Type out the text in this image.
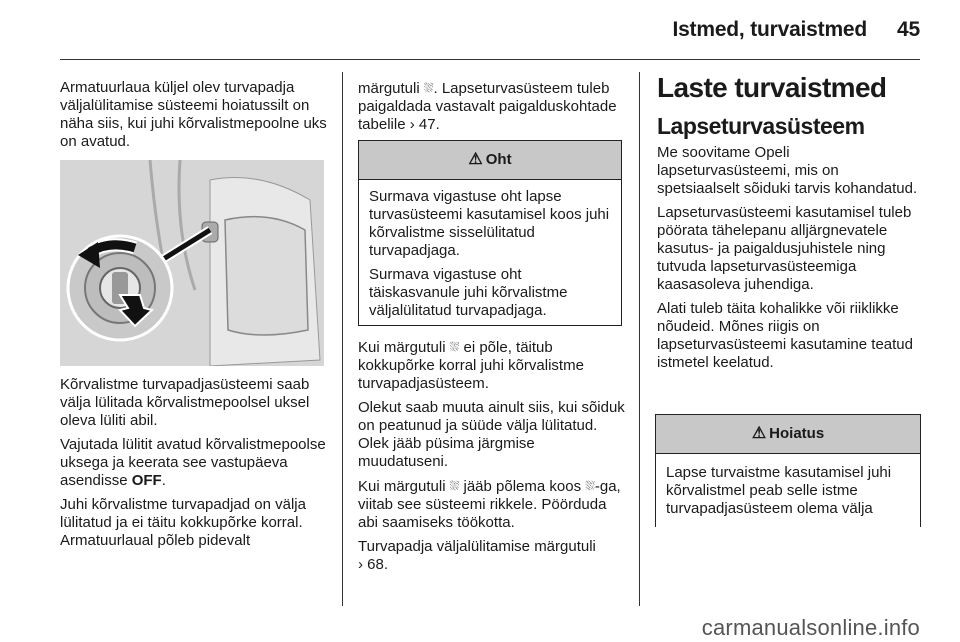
Istmed, turvaistmed 45

Armatuurlaua küljel olev turvapadja väljalülitamise süsteemi hoiatussilt on näha siis, kui juhi kõrvalistmepoolne uks on avatud.

Kõrvalistme turvapadjasüsteemi saab välja lülitada kõrvalistmepoolsel uksel oleva lüliti abil.

Vajutada lülitit avatud kõrvalistmepoolse uksega ja keerata see vastupäeva asendisse OFF.

Juhi kõrvalistme turvapadjad on välja lülitatud ja ei täitu kokkupõrke korral. Armatuurlaual põleb pidevalt

märgutuli ⛆. Lapseturvasüsteem tuleb paigaldada vastavalt paigalduskohtade tabelile › 47.

⚠ Oht

Surmava vigastuse oht lapse turvasüsteemi kasutamisel koos juhi kõrvalistme sisselülitatud turvapadjaga.

Surmava vigastuse oht täiskasvanule juhi kõrvalistme väljalülitatud turvapadjaga.

Kui märgutuli ⛆ ei põle, täitub kokkupõrke korral juhi kõrvalistme turvapadjasüsteem.

Olekut saab muuta ainult siis, kui sõiduk on peatunud ja süüde välja lülitatud. Olek jääb püsima järgmise muudatuseni.

Kui märgutuli ⛆ jääb põlema koos ⛆-ga, viitab see süsteemi rikkele. Pöörduda abi saamiseks töökotta.

Turvapadja väljalülitamise märgutuli
› 68.

Laste turvaistmed
Lapseturvasüsteem

Me soovitame Opeli lapseturvasüsteemi, mis on spetsiaalselt sõiduki tarvis kohandatud.

Lapseturvasüsteemi kasutamisel tuleb pöörata tähelepanu alljärgnevatele kasutus- ja paigaldusjuhistele ning tutvuda lapseturvasüsteemiga kaasasoleva juhendiga.

Alati tuleb täita kohalikke või riiklikke nõudeid. Mõnes riigis on lapseturvasüsteemi kasutamine teatud istmetel keelatud.

⚠ Hoiatus

Lapse turvaistme kasutamisel juhi kõrvalistmel peab selle istme turvapadjasüsteem olema välja

carmanualsonline.info
